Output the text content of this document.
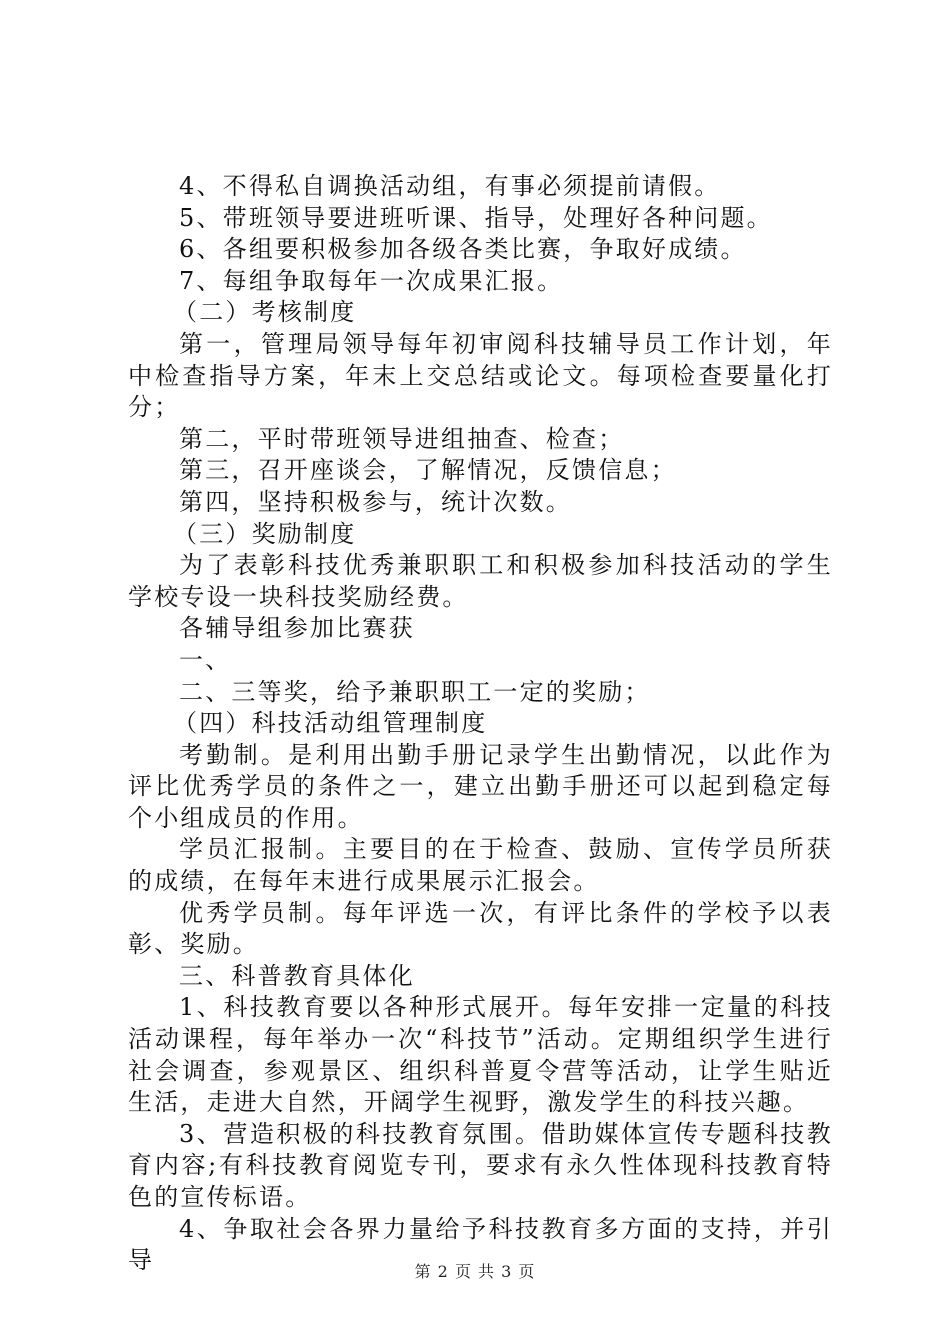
4、不得私自调换活动组，有事必须提前请假。

5、带班领导要进班听课、指导，处理好各种问题。

6、各组要积极参加各级各类比赛，争取好成绩。

7、每组争取每年一次成果汇报。

（二）考核制度

第一，管理局领导每年初审阅科技辅导员工作计划，年中检查指导方案，年末上交总结或论文。每项检查要量化打分；

第二，平时带班领导进组抽查、检查；

第三，召开座谈会，了解情况，反馈信息；

第四，坚持积极参与，统计次数。

（三）奖励制度

为了表彰科技优秀兼职职工和积极参加科技活动的学生学校专设一块科技奖励经费。

各辅导组参加比赛获

一、

二、三等奖，给予兼职职工一定的奖励；

（四）科技活动组管理制度

考勤制。是利用出勤手册记录学生出勤情况，以此作为评比优秀学员的条件之一，建立出勤手册还可以起到稳定每个小组成员的作用。

学员汇报制。主要目的在于检查、鼓励、宣传学员所获的成绩，在每年末进行成果展示汇报会。

优秀学员制。每年评选一次，有评比条件的学校予以表彰、奖励。

三、科普教育具体化

1、科技教育要以各种形式展开。每年安排一定量的科技活动课程，每年举办一次“科技节”活动。定期组织学生进行社会调查，参观景区、组织科普夏令营等活动，让学生贴近生活，走进大自然，开阔学生视野，激发学生的科技兴趣。

3、营造积极的科技教育氛围。借助媒体宣传专题科技教育内容;有科技教育阅览专刊，要求有永久性体现科技教育特色的宣传标语。

4、争取社会各界力量给予科技教育多方面的支持，并引导	第 2 页 共 3 页
